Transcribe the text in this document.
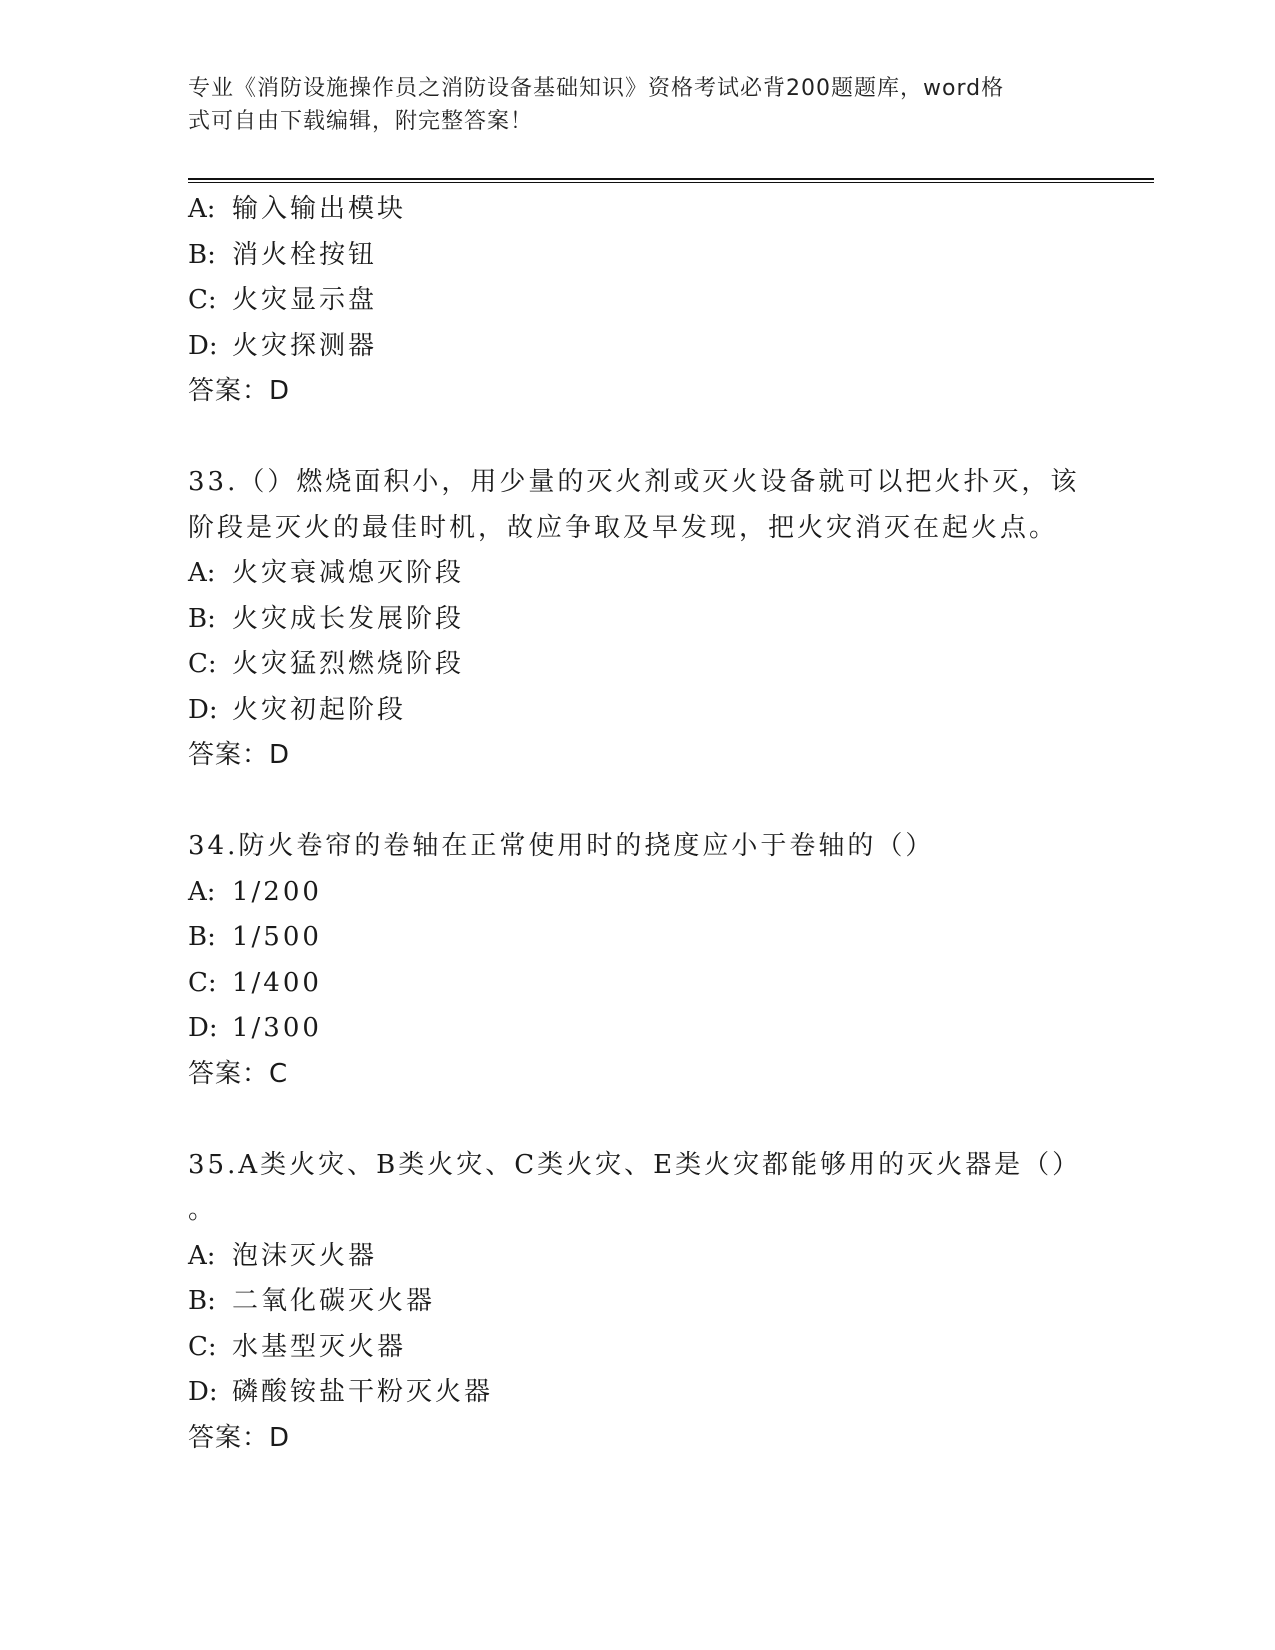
专业《消防设施操作员之消防设备基础知识》资格考试必背200题题库，word格
式可自由下载编辑，附完整答案！
A: 输入输出模块
B: 消火栓按钮
C: 火灾显示盘
D: 火灾探测器
答案：D
33.（）燃烧面积小，用少量的灭火剂或灭火设备就可以把火扑灭，该
阶段是灭火的最佳时机，故应争取及早发现，把火灾消灭在起火点。
A: 火灾衰减熄灭阶段
B: 火灾成长发展阶段
C: 火灾猛烈燃烧阶段
D: 火灾初起阶段
答案：D
34.防火卷帘的卷轴在正常使用时的挠度应小于卷轴的（）
A: 1/200
B: 1/500
C: 1/400
D: 1/300
答案：C
35.A类火灾、B类火灾、C类火灾、E类火灾都能够用的灭火器是（）
。
A: 泡沫灭火器
B: 二氧化碳灭火器
C: 水基型灭火器
D: 磷酸铵盐干粉灭火器
答案：D
